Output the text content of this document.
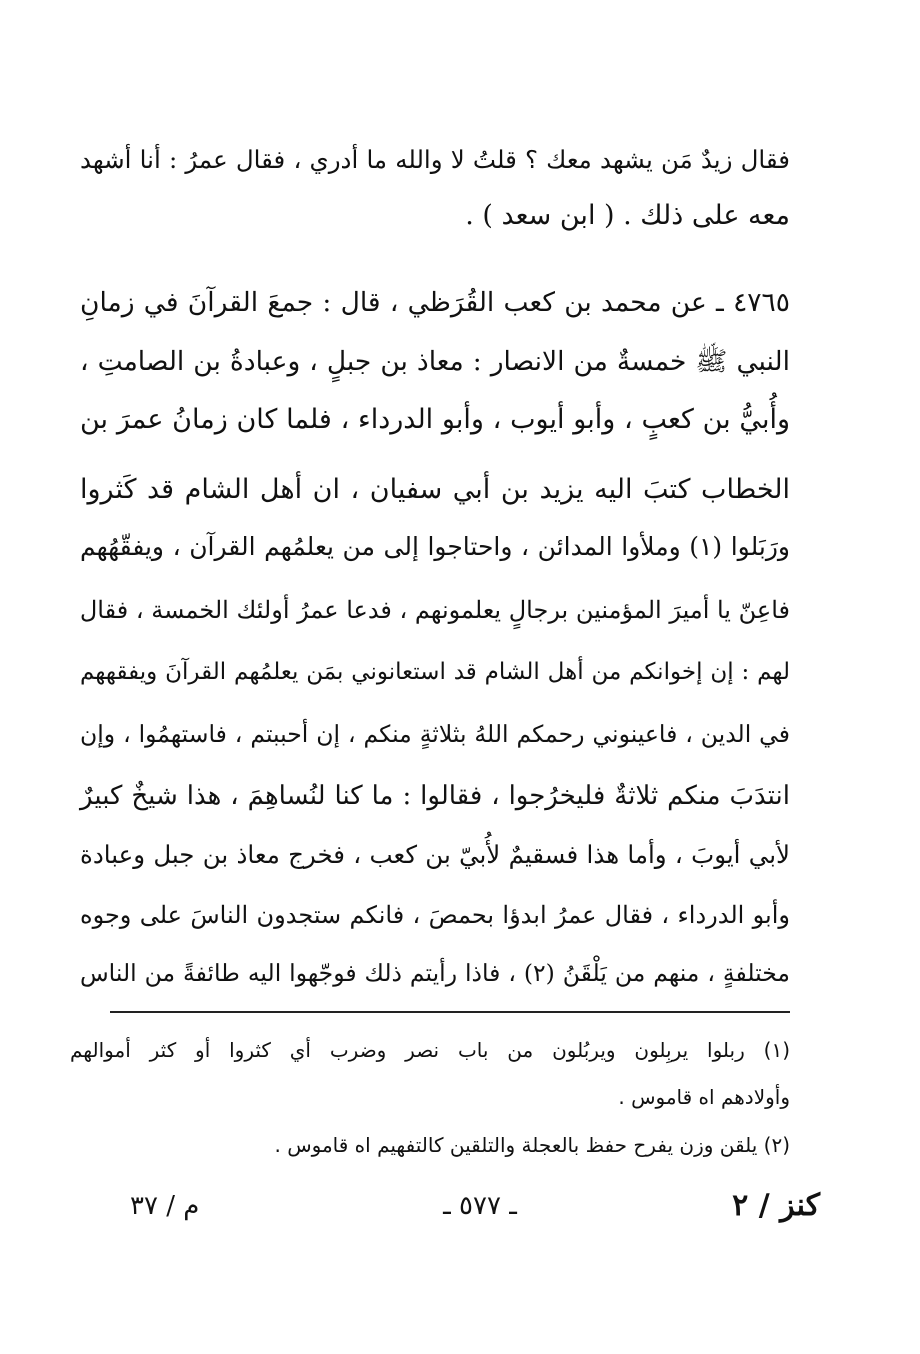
فقال زيدٌ مَن يشهد معك ؟ قلتُ لا والله ما أدري ، فقال عمرُ : أنا أشهد
معه على ذلك . ( ابن سعد ) .
٤٧٦٥ ـ عن محمد بن كعب القُرَظي ، قال : جمعَ القرآنَ في زمانِ
النبي ﷺ خمسةٌ من الانصار : معاذ بن جبلٍ ، وعبادةُ بن الصامتِ ،
وأُبيُّ بن كعبٍ ، وأبو أيوب ، وأبو الدرداء ، فلما كان زمانُ عمرَ بن
الخطاب كتبَ اليه يزيد بن أبي سفيان ، ان أهل الشام قد كَثروا
ورَبَلوا (١) وملأوا المدائن ، واحتاجوا إلى من يعلمُهم القرآن ، ويفقّهُهم
فاعِنّ يا أميرَ المؤمنين برجالٍ يعلمونهم ، فدعا عمرُ أولئك الخمسة ، فقال
لهم : إن إخوانكم من أهل الشام قد استعانوني بمَن يعلمُهم القرآنَ ويفقههم
في الدين ، فاعينوني رحمكم اللهُ بثلاثةٍ منكم ، إن أحببتم ، فاستهمُوا ، وإن
انتدَبَ منكم ثلاثةٌ فليخرُجوا ، فقالوا : ما كنا لنُساهِمَ ، هذا شيخٌ كبيرٌ
لأبي أيوبَ ، وأما هذا فسقيمٌ لأُبيّ بن كعب ، فخرج معاذ بن جبل وعبادة
وأبو الدرداء ، فقال عمرُ ابدؤا بحمصَ ، فانكم ستجدون الناسَ على وجوه
مختلفةٍ ، منهم من يَلْقَنُ (٢) ، فاذا رأيتم ذلك فوجّهوا اليه طائفةً من الناس
(١) ربلوا يربِلون ويربُلون من باب نصر وضرب أي كثروا أو كثر أموالهم
وأولادهم اه قاموس .
(٢) يلقن وزن يفرح حفظ بالعجلة والتلقين كالتفهيم اه قاموس .
كنز / ٢
ـ ٥٧٧ ـ
م / ٣٧
